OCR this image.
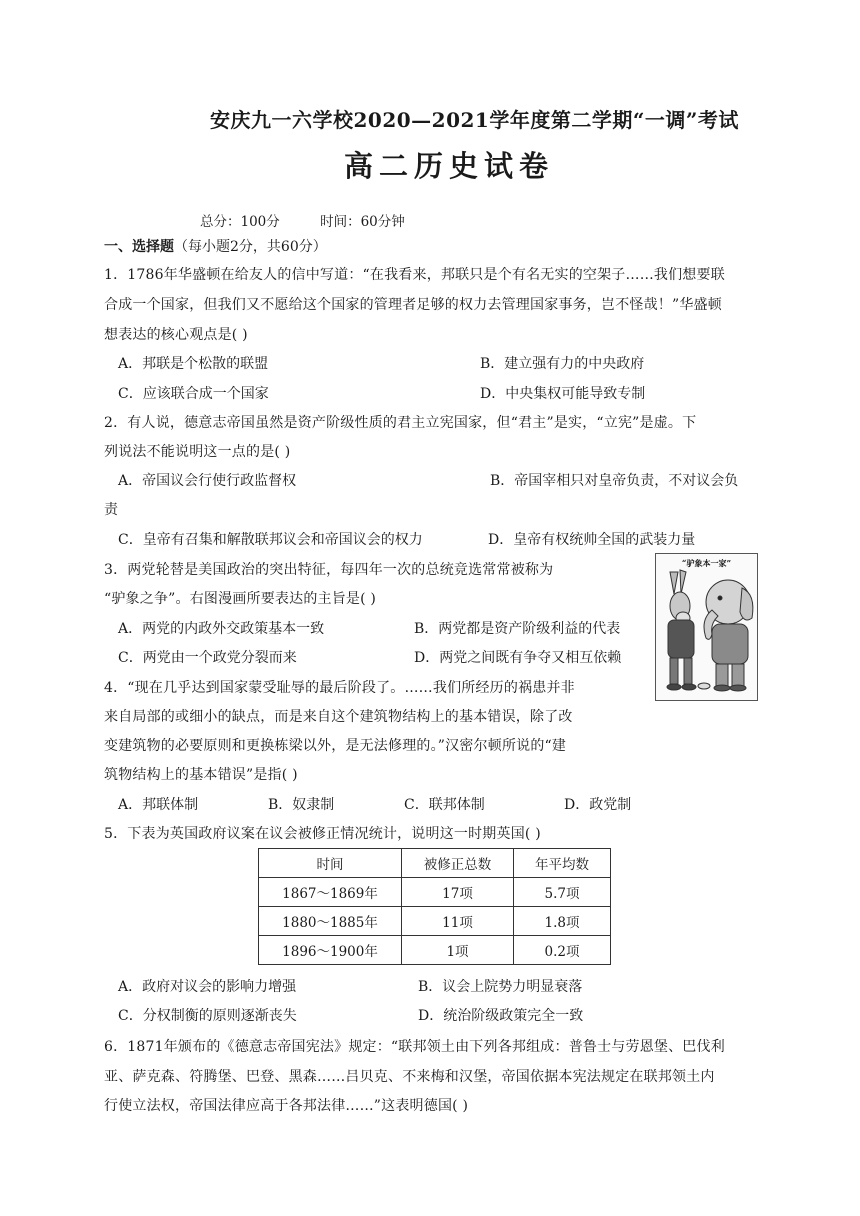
安庆九一六学校2020—2021学年度第二学期“一调”考试
高二历史试卷
总分：100分	时间：60分钟
一、选择题（每小题2分，共60分）
1．1786年华盛顿在给友人的信中写道：“在我看来，邦联只是个有名无实的空架子……我们想要联
合成一个国家，但我们又不愿给这个国家的管理者足够的权力去管理国家事务，岂不怪哉！”华盛顿
想表达的核心观点是( )
A．邦联是个松散的联盟	B．建立强有力的中央政府
C．应该联合成一个国家	D．中央集权可能导致专制
2．有人说，德意志帝国虽然是资产阶级性质的君主立宪国家，但“君主”是实，“立宪”是虚。下
列说法不能说明这一点的是( )
A．帝国议会行使行政监督权	B．帝国宰相只对皇帝负责，不对议会负
责
C．皇帝有召集和解散联邦议会和帝国议会的权力	D．皇帝有权统帅全国的武装力量
3．两党轮替是美国政治的突出特征，每四年一次的总统竞选常常被称为
“驴象之争”。右图漫画所要表达的主旨是( )
A．两党的内政外交政策基本一致	B．两党都是资产阶级利益的代表
C．两党由一个政党分裂而来	D．两党之间既有争夺又相互依赖
“驴象本一家”
4．“现在几乎达到国家蒙受耻辱的最后阶段了。……我们所经历的祸患并非
来自局部的或细小的缺点，而是来自这个建筑物结构上的基本错误，除了改
变建筑物的必要原则和更换栋梁以外，是无法修理的。”汉密尔顿所说的“建
筑物结构上的基本错误”是指( )
A．邦联体制	B．奴隶制	C．联邦体制	D．政党制
5．下表为英国政府议案在议会被修正情况统计，说明这一时期英国( )
时间	被修正总数	年平均数
1867～1869年	17项	5.7项
1880～1885年	11项	1.8项
1896～1900年	1项	0.2项
A．政府对议会的影响力增强	B．议会上院势力明显衰落
C．分权制衡的原则逐渐丧失	D．统治阶级政策完全一致
6．1871年颁布的《德意志帝国宪法》规定：“联邦领土由下列各邦组成：普鲁士与劳恩堡、巴伐利
亚、萨克森、符腾堡、巴登、黑森……吕贝克、不来梅和汉堡，帝国依据本宪法规定在联邦领土内
行使立法权，帝国法律应高于各邦法律……”这表明德国( )
